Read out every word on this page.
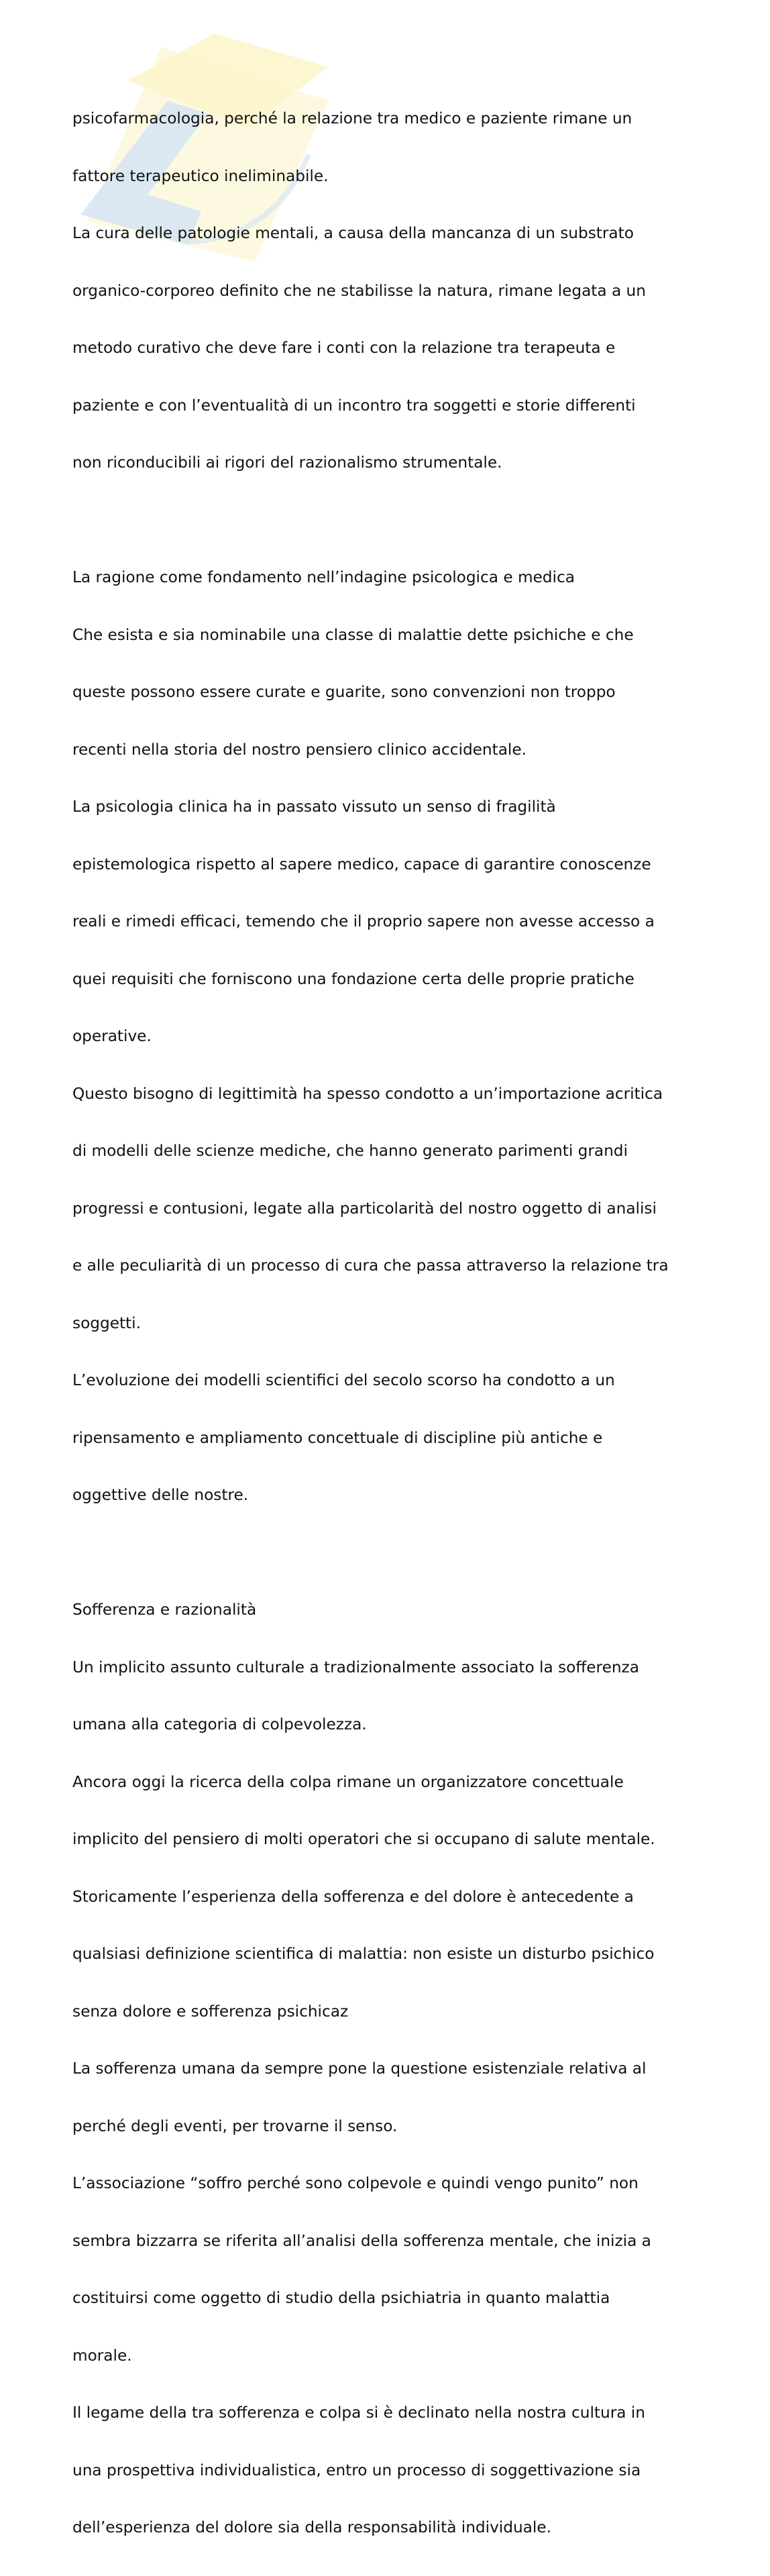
psicofarmacologia, perché la relazione tra medico e paziente rimane un

fattore terapeutico ineliminabile.

La cura delle patologie mentali, a causa della mancanza di un substrato

organico-corporeo definito che ne stabilisse la natura, rimane legata a un

metodo curativo che deve fare i conti con la relazione tra terapeuta e

paziente e con l’eventualità di un incontro tra soggetti e storie differenti

non riconducibili ai rigori del razionalismo strumentale.

La ragione come fondamento nell’indagine psicologica e medica

Che esista e sia nominabile una classe di malattie dette psichiche e che

queste possono essere curate e guarite, sono convenzioni non troppo

recenti nella storia del nostro pensiero clinico accidentale.

La psicologia clinica ha in passato vissuto un senso di fragilità

epistemologica rispetto al sapere medico, capace di garantire conoscenze

reali e rimedi efficaci, temendo che il proprio sapere non avesse accesso a

quei requisiti che forniscono una fondazione certa delle proprie pratiche

operative.

Questo bisogno di legittimità ha spesso condotto a un’importazione acritica

di modelli delle scienze mediche, che hanno generato parimenti grandi

progressi e contusioni, legate alla particolarità del nostro oggetto di analisi

e alle peculiarità di un processo di cura che passa attraverso la relazione tra

soggetti.

L’evoluzione dei modelli scientifici del secolo scorso ha condotto a un

ripensamento e ampliamento concettuale di discipline più antiche e

oggettive delle nostre.

Sofferenza e razionalità

Un implicito assunto culturale a tradizionalmente associato la sofferenza

umana alla categoria di colpevolezza.

Ancora oggi la ricerca della colpa rimane un organizzatore concettuale

implicito del pensiero di molti operatori che si occupano di salute mentale.

Storicamente l’esperienza della sofferenza e del dolore è antecedente a

qualsiasi definizione scientifica di malattia: non esiste un disturbo psichico

senza dolore e sofferenza psichicaz

La sofferenza umana da sempre pone la questione esistenziale relativa al

perché degli eventi, per trovarne il senso.

L’associazione “soffro perché sono colpevole e quindi vengo punito” non

sembra bizzarra se riferita all’analisi della sofferenza mentale, che inizia a

costituirsi come oggetto di studio della psichiatria in quanto malattia

morale.

Il legame della tra sofferenza e colpa si è declinato nella nostra cultura in

una prospettiva individualistica, entro un processo di soggettivazione sia

dell’esperienza del dolore sia della responsabilità individuale.
